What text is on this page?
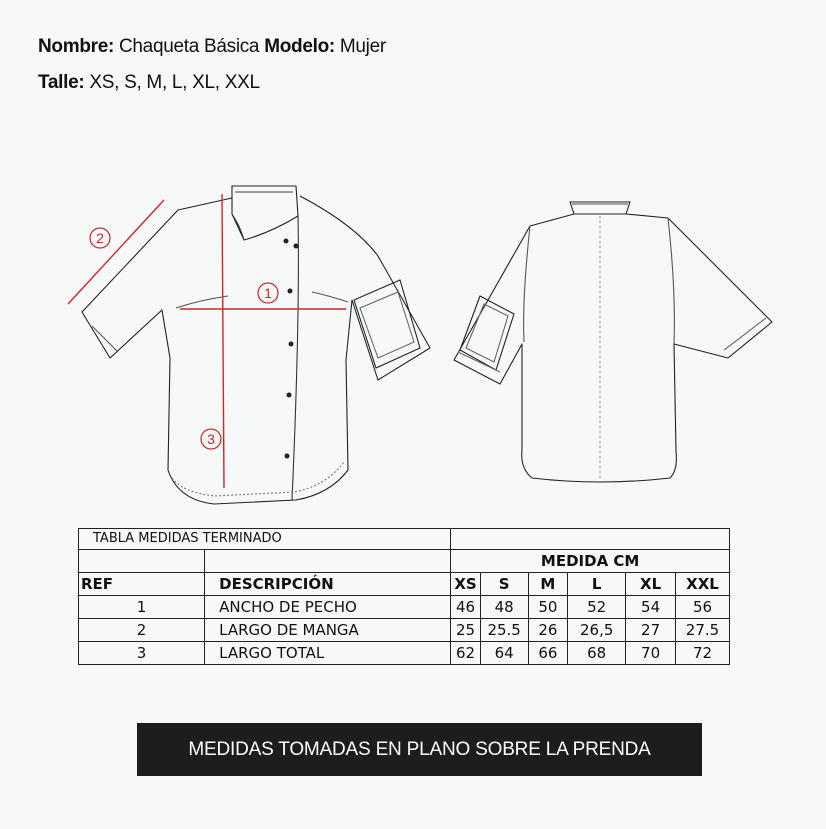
Nombre: Chaqueta Básica Modelo: Mujer
Talle: XS, S, M, L, XL, XXL
1
2
3
TABLA MEDIDAS TERMINADO							
		MEDIDA CM					
REF	DESCRIPCIÓN	XS	S	M	L	XL	XXL
1	ANCHO DE PECHO	46	48	50	52	54	56
2	LARGO DE MANGA	25	25.5	26	26,5	27	27.5
3	LARGO TOTAL	62	64	66	68	70	72
MEDIDAS TOMADAS EN PLANO SOBRE LA PRENDA
